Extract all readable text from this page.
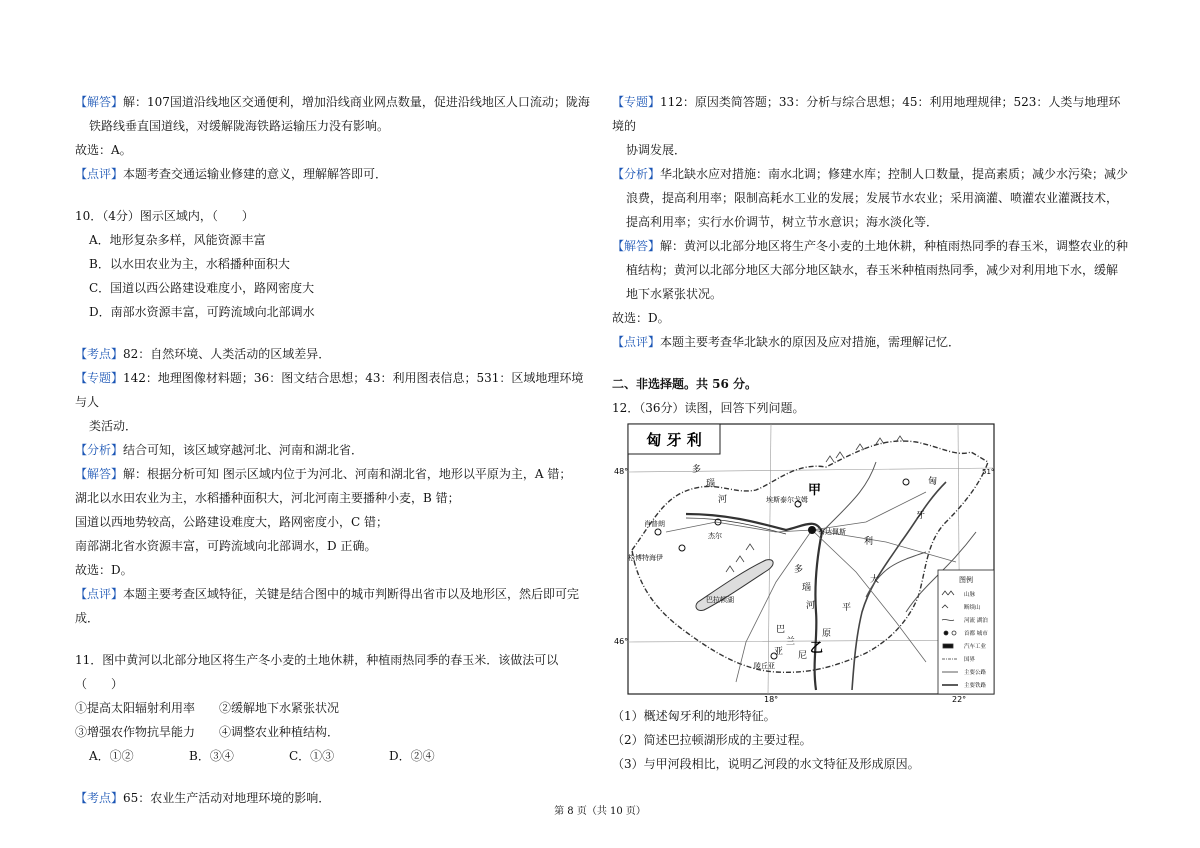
【解答】解：107国道沿线地区交通便利，增加沿线商业网点数量，促进沿线地区人口流动；陇海

铁路线垂直国道线，对缓解陇海铁路运输压力没有影响。

故选：A。

【点评】本题考查交通运输业修建的意义，理解解答即可．

10．（4分）图示区域内，（　　）

A．地形复杂多样，风能资源丰富

B．以水田农业为主，水稻播种面积大

C．国道以西公路建设难度小，路网密度大

D．南部水资源丰富，可跨流域向北部调水

【考点】82：自然环境、人类活动的区域差异．

【专题】142：地理图像材料题；36：图文结合思想；43：利用图表信息；531：区域地理环境与人

类活动．

【分析】结合可知，该区域穿越河北、河南和湖北省．

【解答】解：根据分析可知 图示区域内位于为河北、河南和湖北省，地形以平原为主，A 错；

湖北以水田农业为主，水稻播种面积大，河北河南主要播种小麦，B 错；

国道以西地势较高，公路建设难度大，路网密度小，C 错；

南部湖北省水资源丰富，可跨流域向北部调水，D 正确。

故选：D。

【点评】本题主要考查区域特征，关键是结合图中的城市判断得出省市以及地形区，然后即可完成．

11．图中黄河以北部分地区将生产冬小麦的土地休耕，种植雨热同季的春玉米．该做法可以（　　）

①提高太阳辐射利用率　　②缓解地下水紧张状况

③增强农作物抗旱能力　　④调整农业种植结构．

A．①②	B．③④	C．①③	D．②④

【考点】65：农业生产活动对地理环境的影响．

【专题】112：原因类简答题；33：分析与综合思想；45：利用地理规律；523：人类与地理环境的

协调发展．

【分析】华北缺水应对措施：南水北调；修建水库；控制人口数量，提高素质；减少水污染；减少

浪费，提高利用率；限制高耗水工业的发展；发展节水农业；采用滴灌、喷灌农业灌溉技术，

提高利用率；实行水价调节，树立节水意识；海水淡化等．

【解答】解：黄河以北部分地区将生产冬小麦的土地休耕，种植雨热同季的春玉米，调整农业的种

植结构；黄河以北部分地区大部分地区缺水，春玉米种植雨热同季，减少对利用地下水，缓解

地下水紧张状况。

故选：D。

【点评】本题主要考查华北缺水的原因及应对措施，需理解记忆．

二、非选择题。共 56 分。

12．（36分）读图，回答下列问题。

匈 牙 利
48°
46°
18°	22°
51°
甲
乙
埃斯泰尔戈姆
肖普朗
杰尔	布达佩斯
松博特海伊
陵丘亚
巴拉顿湖
多
瑙
河
匈
牙
利
大
平
原
巴
兰
尼
亚
多
瑙
河
图例
山脉
断续山
河流 湖泊
首都 城市
汽车工业
国界
主要公路
主要铁路

（1）概述匈牙利的地形特征。

（2）简述巴拉顿湖形成的主要过程。

（3）与甲河段相比，说明乙河段的水文特征及形成原因。

第 8 页（共 10 页）
